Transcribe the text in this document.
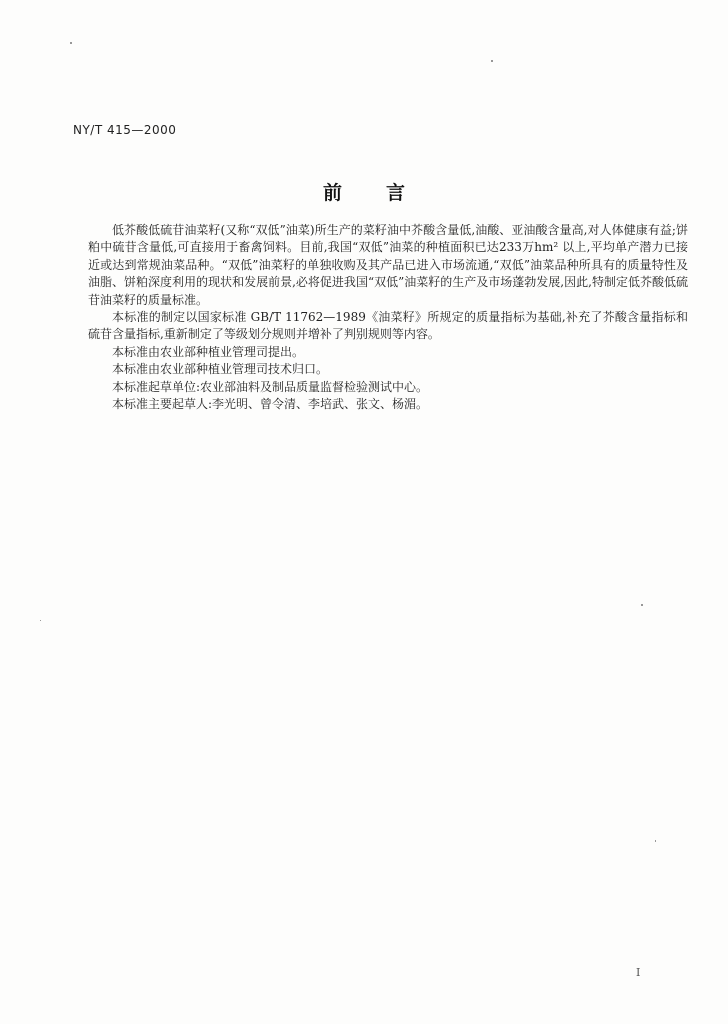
NY/T 415—2000
前 言

低芥酸低硫苷油菜籽(又称“双低”油菜)所生产的菜籽油中芥酸含量低,油酸、亚油酸含量高,对人体健康有益;饼粕中硫苷含量低,可直接用于畜禽饲料。目前,我国“双低”油菜的种植面积已达233万hm² 以上,平均单产潜力已接近或达到常规油菜品种。“双低”油菜籽的单独收购及其产品已进入市场流通,“双低”油菜品种所具有的质量特性及油脂、饼粕深度利用的现状和发展前景,必将促进我国“双低”油菜籽的生产及市场蓬勃发展,因此,特制定低芥酸低硫苷油菜籽的质量标准。

本标准的制定以国家标准 GB/T 11762—1989《油菜籽》所规定的质量指标为基础,补充了芥酸含量指标和硫苷含量指标,重新制定了等级划分规则并增补了判别规则等内容。

本标准由农业部种植业管理司提出。

本标准由农业部种植业管理司技术归口。

本标准起草单位:农业部油料及制品质量监督检验测试中心。

本标准主要起草人:李光明、曾令清、李培武、张文、杨湄。

I
